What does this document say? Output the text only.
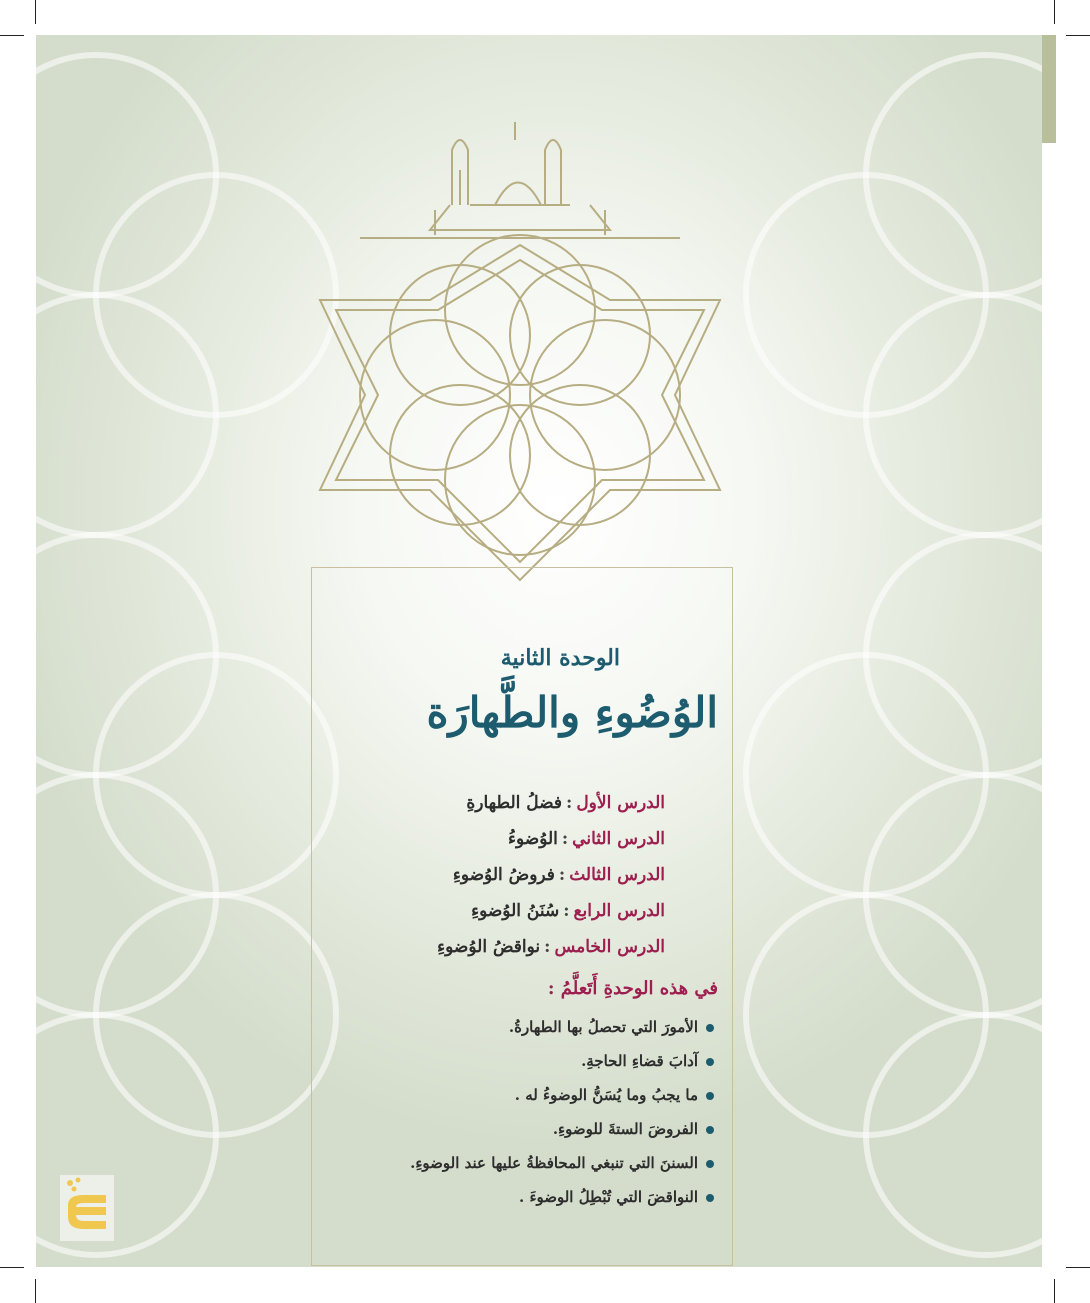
الوحدة الثانية
الوُضُوءِ والطَّهارَة
الدرس الأول:فضلُ الطهارةِ
الدرس الثاني:الوُضوءُ
الدرس الثالث:فروضُ الوُضوءِ
الدرس الرابع:سُنَنُ الوُضوءِ
الدرس الخامس:نواقضُ الوُضوءِ
في هذه الوحدةِ أَتَعلَّمُ :
الأمورَ التي تحصلُ بها الطهارةُ.
آدابَ قضاءِ الحاجةِ.
ما يجبُ وما يُسَنُّ الوضوءُ له .
الفروضَ الستةَ للوضوءِ.
السننَ التي تنبغي المحافظةُ عليها عند الوضوءِ.
النواقضَ التي تُبْطِلُ الوضوءَ .
